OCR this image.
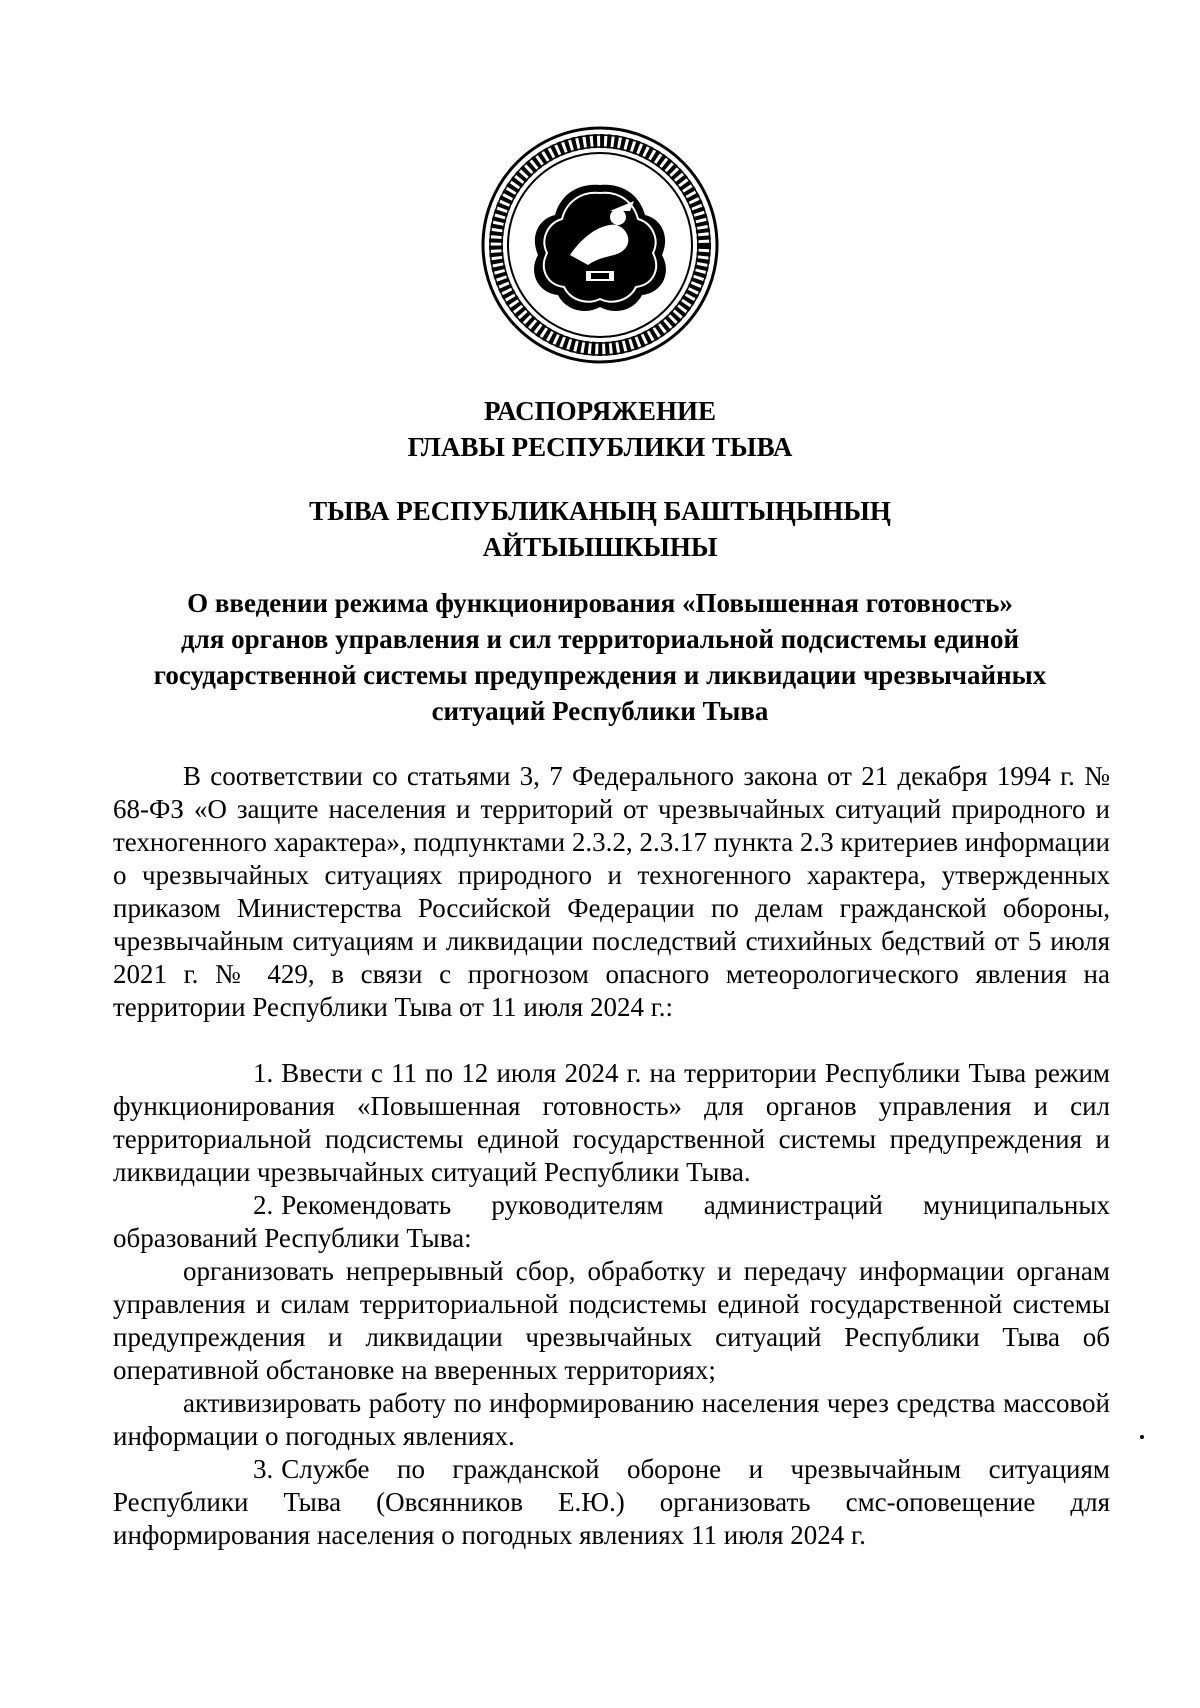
РАСПОРЯЖЕНИЕ
ГЛАВЫ РЕСПУБЛИКИ ТЫВА
ТЫВА РЕСПУБЛИКАНЫҢ БАШТЫҢЫНЫҢ
АЙТЫЫШКЫНЫ
О введении режима функционирования «Повышенная готовность»
для органов управления и сил территориальной подсистемы единой
государственной системы предупреждения и ликвидации чрезвычайных
ситуаций Республики Тыва

В соответствии со статьями 3, 7 Федерального закона от 21 декабря 1994 г. № 68-ФЗ «О защите населения и территорий от чрезвычайных ситуаций природного и техногенного характера», подпунктами 2.3.2, 2.3.17 пункта 2.3 критериев информации о чрезвычайных ситуациях природного и техногенного характера, утвержденных приказом Министерства Российской Федерации по делам гражданской обороны, чрезвычайным ситуациям и ликвидации последствий стихийных бедствий от 5 июля 2021 г. № 429, в связи с прогнозом опасного метеорологического явления на территории Республики Тыва от 11 июля 2024 г.:

1. Ввести с 11 по 12 июля 2024 г. на территории Республики Тыва режим функционирования «Повышенная готовность» для органов управления и сил территориальной подсистемы единой государственной системы предупреждения и ликвидации чрезвычайных ситуаций Республики Тыва.

2. Рекомендовать руководителям администраций муниципальных образований Республики Тыва:

организовать непрерывный сбор, обработку и передачу информации органам управления и силам территориальной подсистемы единой государственной системы предупреждения и ликвидации чрезвычайных ситуаций Республики Тыва об оперативной обстановке на вверенных территориях;

активизировать работу по информированию населения через средства массовой информации о погодных явлениях.

3. Службе по гражданской обороне и чрезвычайным ситуациям Республики Тыва (Овсянников Е.Ю.) организовать смс-оповещение для информирования населения о погодных явлениях 11 июля 2024 г.
